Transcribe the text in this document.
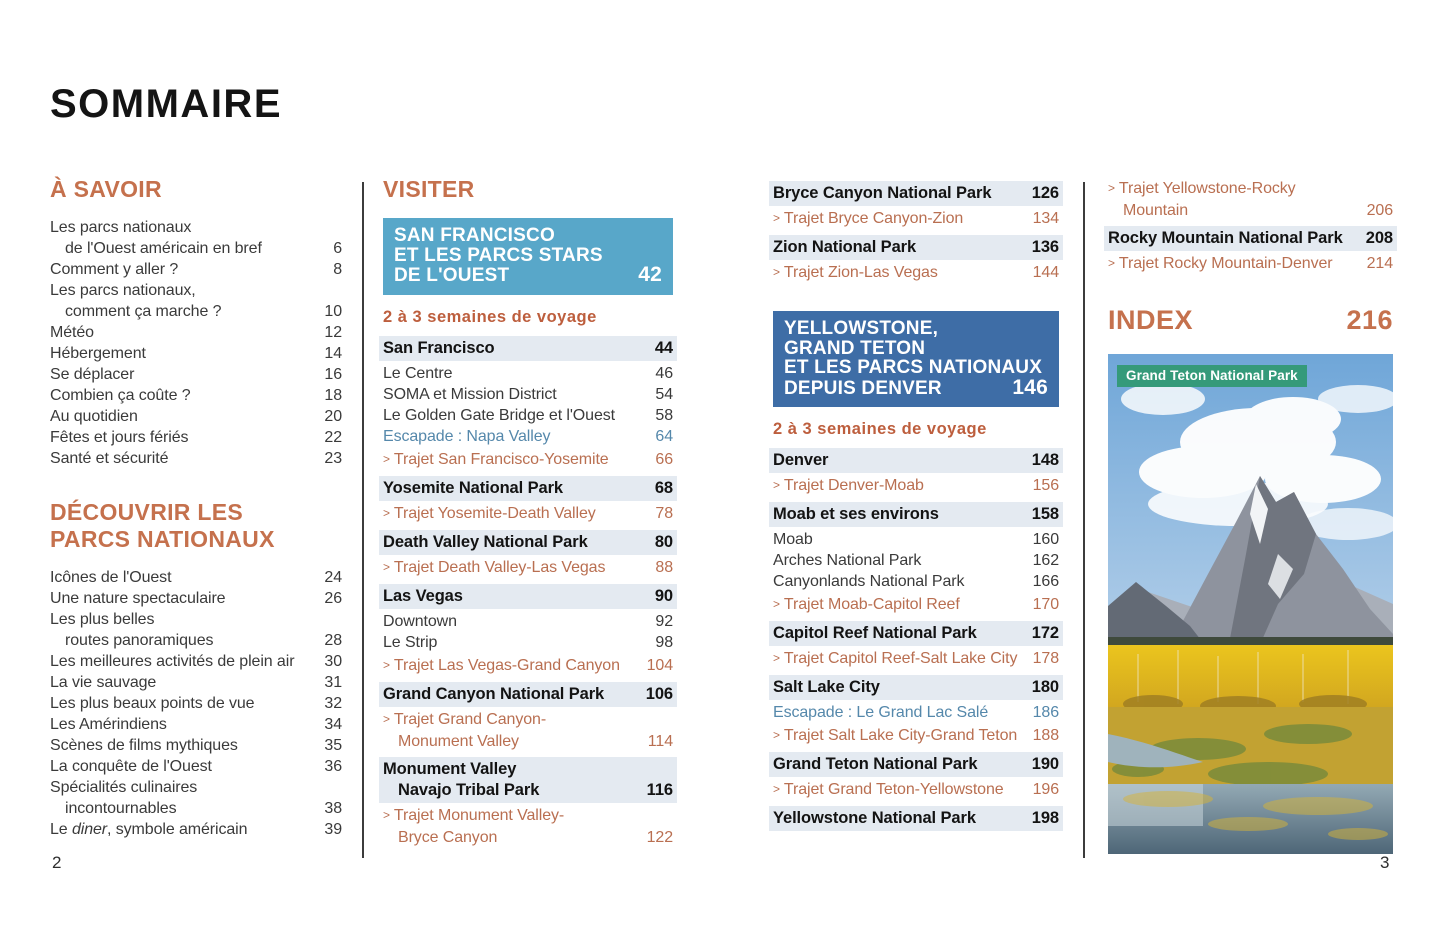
SOMMAIRE
À SAVOIR
Les parcs nationaux
de l'Ouest américain en bref	6
Comment y aller ?	8
Les parcs nationaux,
comment ça marche ?	10
Météo	12
Hébergement	14
Se déplacer	16
Combien ça coûte ?	18
Au quotidien	20
Fêtes et jours fériés	22
Santé et sécurité	23
DÉCOUVRIR LES
PARCS NATIONAUX
Icônes de l'Ouest	24
Une nature spectaculaire	26
Les plus belles
routes panoramiques	28
Les meilleures activités de plein air	30
La vie sauvage	31
Les plus beaux points de vue	32
Les Amérindiens	34
Scènes de films mythiques	35
La conquête de l'Ouest	36
Spécialités culinaires
incontournables	38
Le diner, symbole américain	39
VISITER
SAN FRANCISCO
ET LES PARCS STARS
DE L'OUEST	42
2 à 3 semaines de voyage
San Francisco	44
Le Centre	46
SOMA et Mission District	54
Le Golden Gate Bridge et l'Ouest	58
Escapade : Napa Valley	64
> Trajet San Francisco-Yosemite	66
Yosemite National Park	68
> Trajet Yosemite-Death Valley	78
Death Valley National Park	80
> Trajet Death Valley-Las Vegas	88
Las Vegas	90
Downtown	92
Le Strip	98
> Trajet Las Vegas-Grand Canyon	104
Grand Canyon National Park	106
> Trajet Grand Canyon-
Monument Valley	114
Monument Valley
Navajo Tribal Park	116
> Trajet Monument Valley-
Bryce Canyon	122
Bryce Canyon National Park	126
> Trajet Bryce Canyon-Zion	134
Zion National Park	136
> Trajet Zion-Las Vegas	144
YELLOWSTONE,
GRAND TETON
ET LES PARCS NATIONAUX
DEPUIS DENVER	146
2 à 3 semaines de voyage
Denver	148
> Trajet Denver-Moab	156
Moab et ses environs	158
Moab	160
Arches National Park	162
Canyonlands National Park	166
> Trajet Moab-Capitol Reef	170
Capitol Reef National Park	172
> Trajet Capitol Reef-Salt Lake City 178
Salt Lake City	180
Escapade : Le Grand Lac Salé	186
> Trajet Salt Lake City-Grand Teton 188
Grand Teton National Park	190
> Trajet Grand Teton-Yellowstone	196
Yellowstone National Park	198
> Trajet Yellowstone-Rocky
Mountain	206
Rocky Mountain National Park	208
> Trajet Rocky Mountain-Denver	214
INDEX	216
Grand Teton National Park
2	3
